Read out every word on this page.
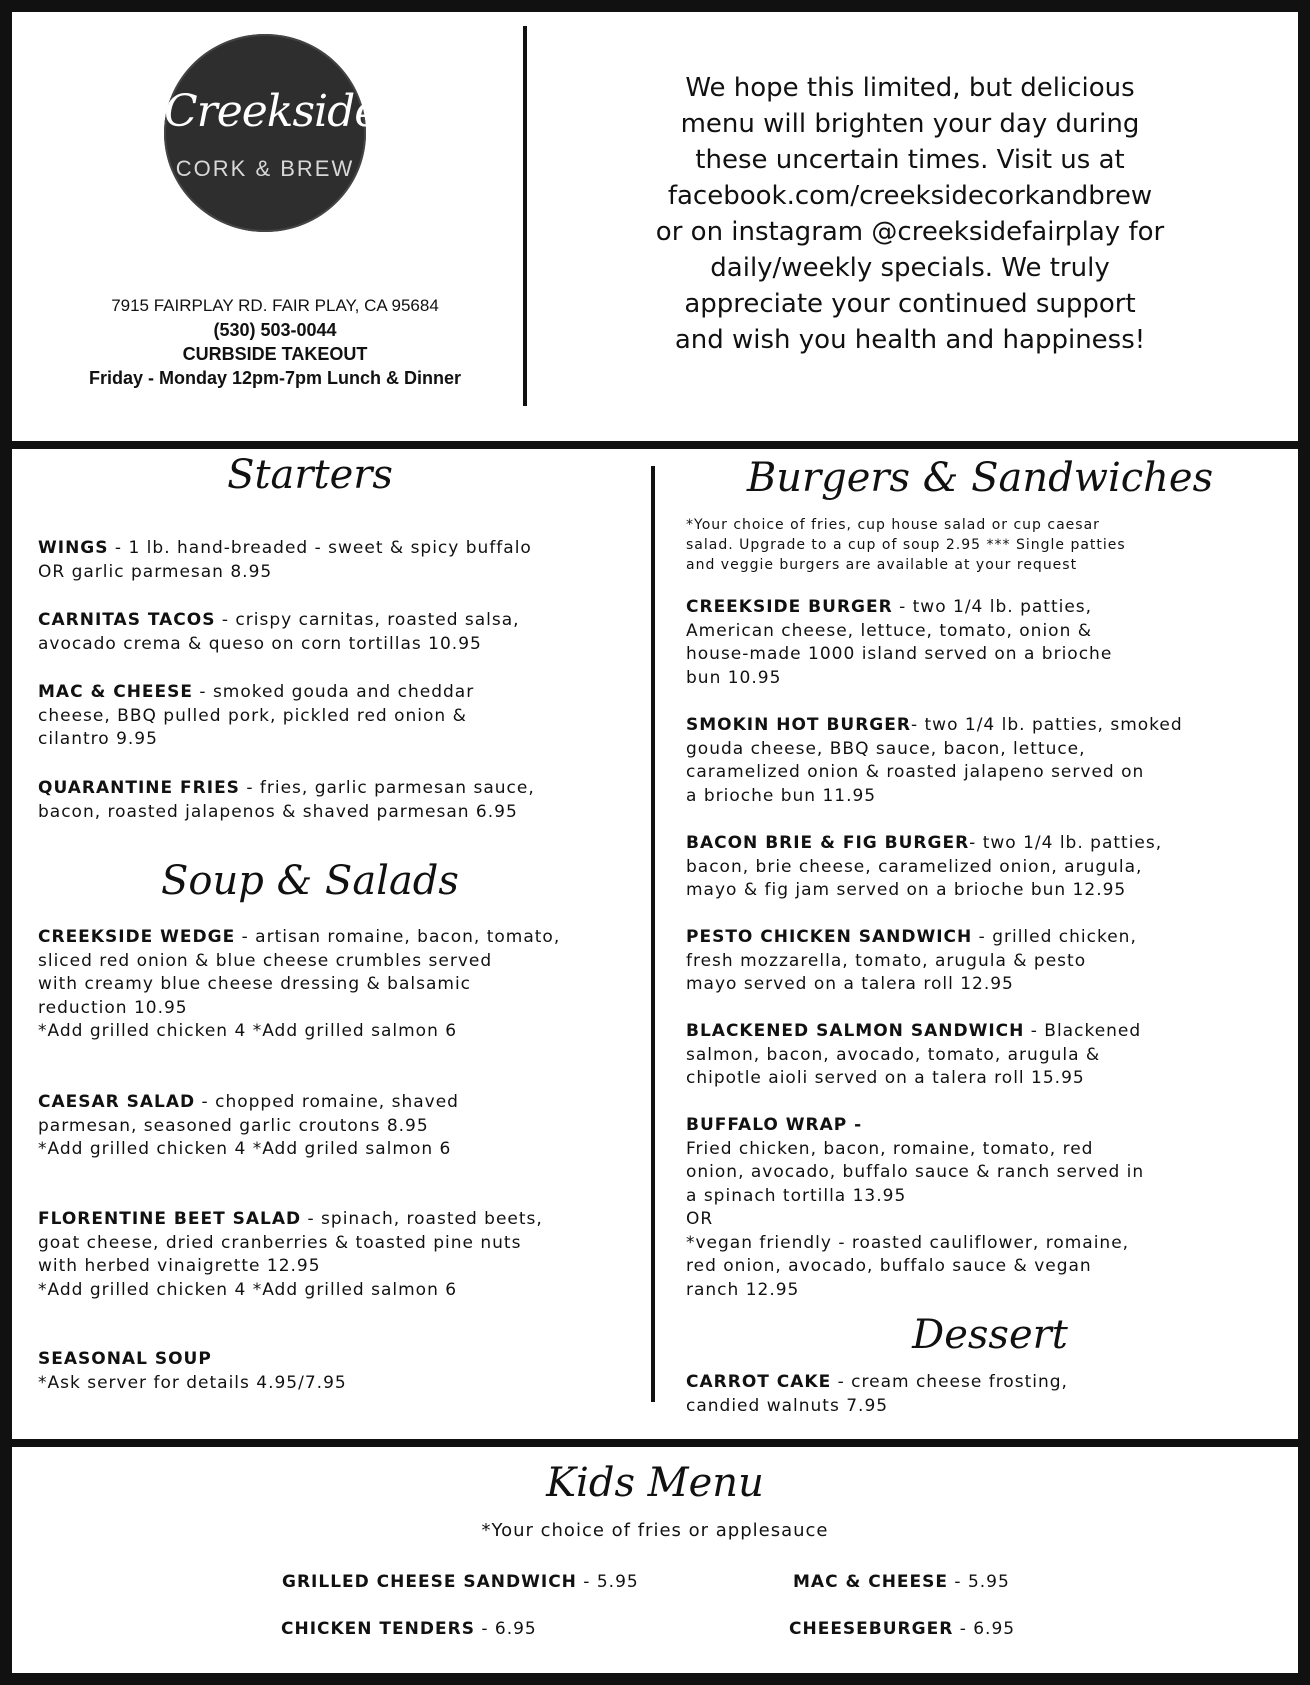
Creekside
CORK & BREW
7915 FAIRPLAY RD. FAIR PLAY, CA 95684
(530) 503-0044
CURBSIDE TAKEOUT
Friday - Monday 12pm-7pm Lunch & Dinner
We hope this limited, but delicious
menu will brighten your day during
these uncertain times. Visit us at
facebook.com/creeksidecorkandbrew
or on instagram @creeksidefairplay for
daily/weekly specials. We truly
appreciate your continued support
and wish you health and happiness!
Starters
WINGS - 1 lb. hand-breaded - sweet & spicy buffalo
OR garlic parmesan 8.95
CARNITAS TACOS - crispy carnitas, roasted salsa,
avocado crema & queso on corn tortillas 10.95
MAC & CHEESE - smoked gouda and cheddar
cheese, BBQ pulled pork, pickled red onion &
cilantro 9.95
QUARANTINE FRIES - fries, garlic parmesan sauce,
bacon, roasted jalapenos & shaved parmesan 6.95
Soup & Salads
CREEKSIDE WEDGE - artisan romaine, bacon, tomato,
sliced red onion & blue cheese crumbles served
with creamy blue cheese dressing & balsamic
reduction 10.95
*Add grilled chicken 4 *Add grilled salmon 6
CAESAR SALAD - chopped romaine, shaved
parmesan, seasoned garlic croutons 8.95
*Add grilled chicken 4 *Add griled salmon 6
FLORENTINE BEET SALAD - spinach, roasted beets,
goat cheese, dried cranberries & toasted pine nuts
with herbed vinaigrette 12.95
*Add grilled chicken 4 *Add grilled salmon 6
SEASONAL SOUP
*Ask server for details 4.95/7.95
Burgers & Sandwiches
*Your choice of fries, cup house salad or cup caesar
salad. Upgrade to a cup of soup 2.95 *** Single patties
and veggie burgers are available at your request
CREEKSIDE BURGER - two 1/4 lb. patties,
American cheese, lettuce, tomato, onion &
house-made 1000 island served on a brioche
bun 10.95
SMOKIN HOT BURGER- two 1/4 lb. patties, smoked
gouda cheese, BBQ sauce, bacon, lettuce,
caramelized onion & roasted jalapeno served on
a brioche bun 11.95
BACON BRIE & FIG BURGER- two 1/4 lb. patties,
bacon, brie cheese, caramelized onion, arugula,
mayo & fig jam served on a brioche bun 12.95
PESTO CHICKEN SANDWICH - grilled chicken,
fresh mozzarella, tomato, arugula & pesto
mayo served on a talera roll 12.95
BLACKENED SALMON SANDWICH - Blackened
salmon, bacon, avocado, tomato, arugula &
chipotle aioli served on a talera roll 15.95
BUFFALO WRAP -
Fried chicken, bacon, romaine, tomato, red
onion, avocado, buffalo sauce & ranch served in
a spinach tortilla 13.95
OR
*vegan friendly - roasted cauliflower, romaine,
red onion, avocado, buffalo sauce & vegan
ranch 12.95
Dessert
CARROT CAKE - cream cheese frosting,
candied walnuts 7.95
Kids Menu
*Your choice of fries or applesauce
GRILLED CHEESE SANDWICH - 5.95	MAC & CHEESE - 5.95
CHICKEN TENDERS - 6.95	CHEESEBURGER - 6.95
